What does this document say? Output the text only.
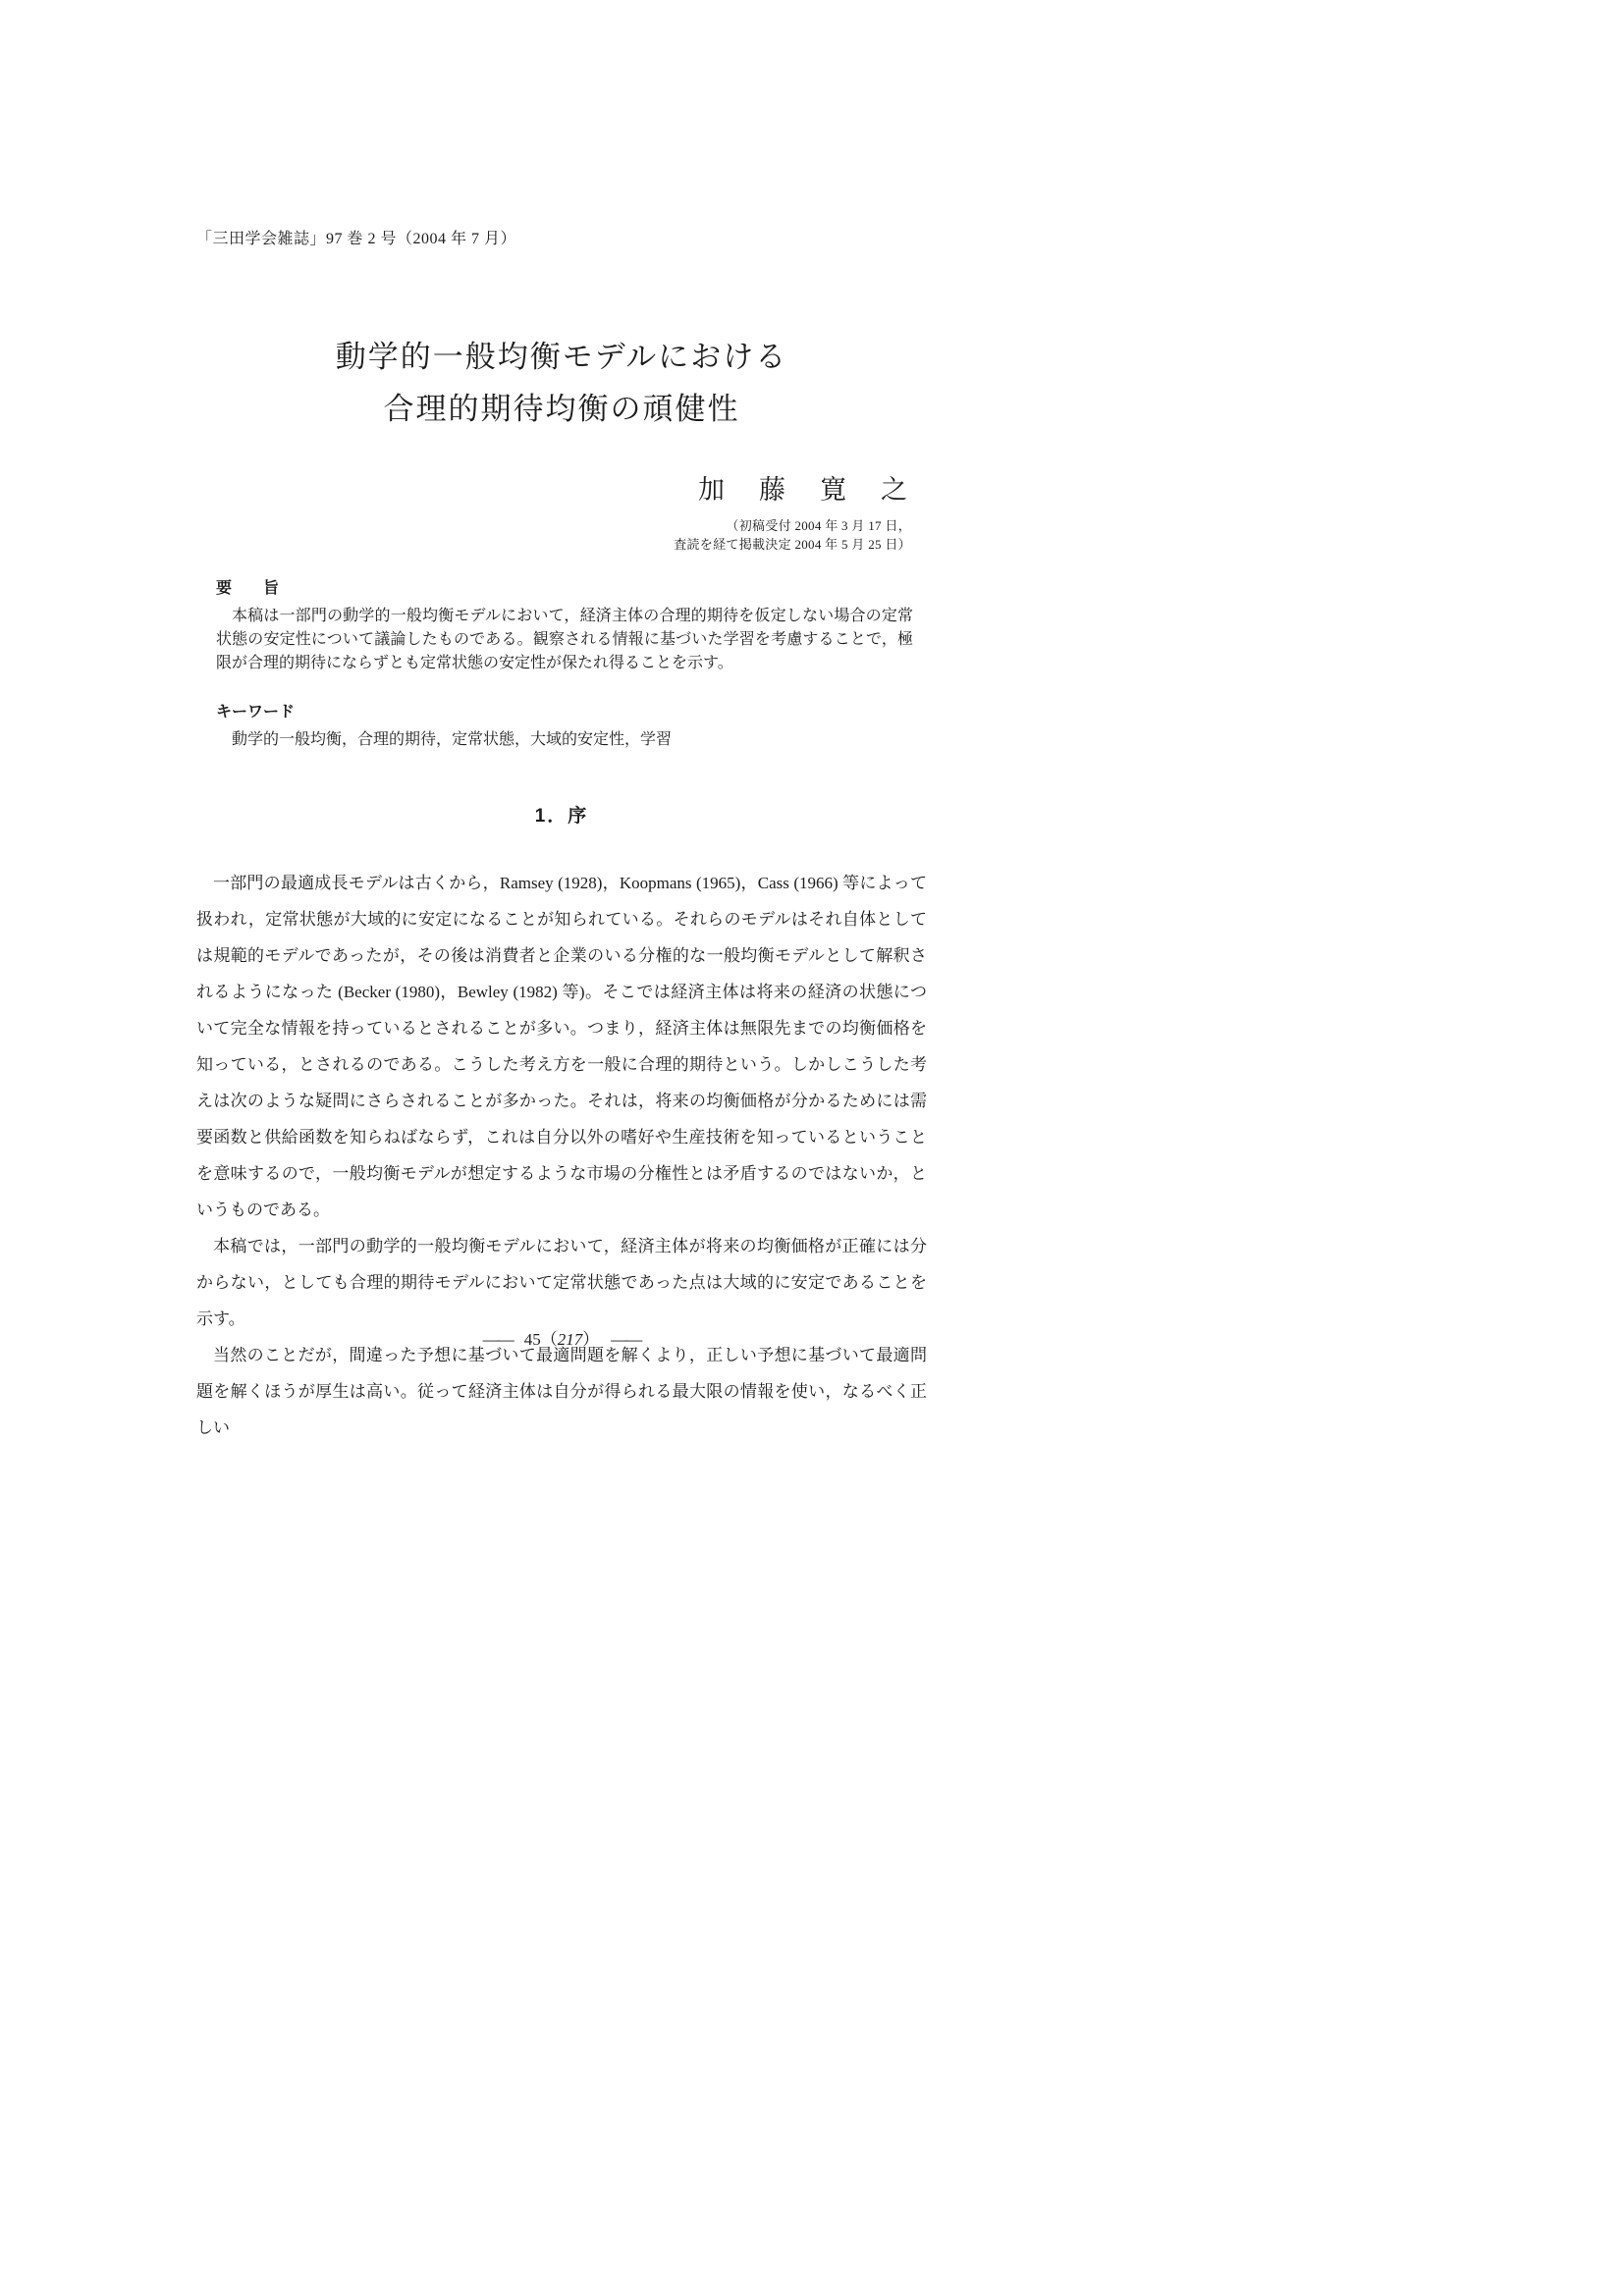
「三田学会雑誌」97 巻 2 号（2004 年 7 月）
動学的一般均衡モデルにおける
合理的期待均衡の頑健性
加　藤　寛　之
（初稿受付 2004 年 3 月 17 日，
査読を経て掲載決定 2004 年 5 月 25 日）
要　　旨

本稿は一部門の動学的一般均衡モデルにおいて，経済主体の合理的期待を仮定しない場合の定常状態の安定性について議論したものである。観察される情報に基づいた学習を考慮することで，極限が合理的期待にならずとも定常状態の安定性が保たれ得ることを示す。

キーワード

動学的一般均衡，合理的期待，定常状態，大域的安定性，学習

1．序

一部門の最適成長モデルは古くから，Ramsey (1928)，Koopmans (1965)，Cass (1966) 等によって扱われ，定常状態が大域的に安定になることが知られている。それらのモデルはそれ自体としては規範的モデルであったが，その後は消費者と企業のいる分権的な一般均衡モデルとして解釈されるようになった (Becker (1980)，Bewley (1982) 等)。そこでは経済主体は将来の経済の状態について完全な情報を持っているとされることが多い。つまり，経済主体は無限先までの均衡価格を知っている，とされるのである。こうした考え方を一般に合理的期待という。しかしこうした考えは次のような疑問にさらされることが多かった。それは，将来の均衡価格が分かるためには需要函数と供給函数を知らねばならず，これは自分以外の嗜好や生産技術を知っているということを意味するので，一般均衡モデルが想定するような市場の分権性とは矛盾するのではないか，というものである。

本稿では，一部門の動学的一般均衡モデルにおいて，経済主体が将来の均衡価格が正確には分からない，としても合理的期待モデルにおいて定常状態であった点は大域的に安定であることを示す。

当然のことだが，間違った予想に基づいて最適問題を解くより，正しい予想に基づいて最適問題を解くほうが厚生は高い。従って経済主体は自分が得られる最大限の情報を使い，なるべく正しい

—— 45（217） ——
